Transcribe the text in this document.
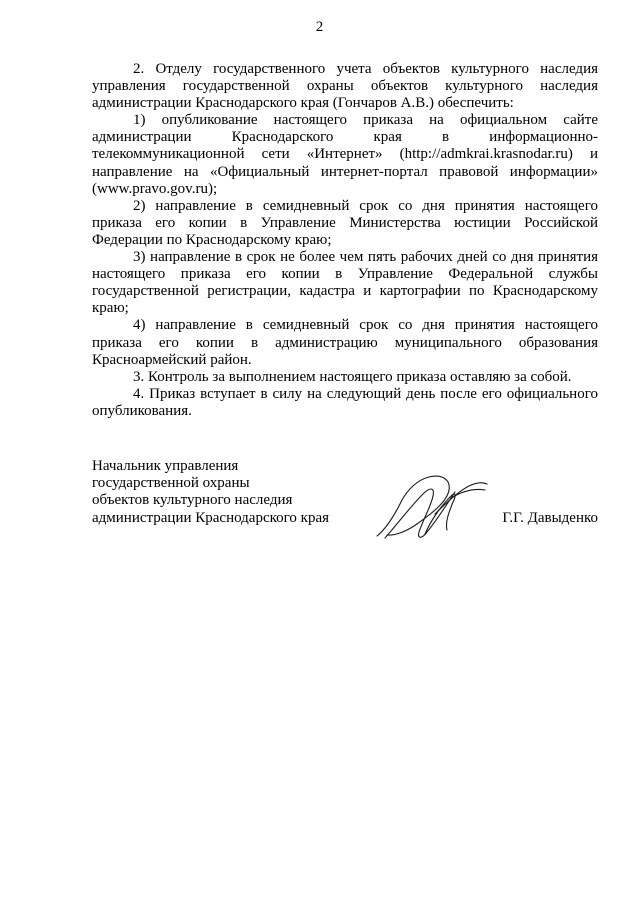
2

2. Отделу государственного учета объектов культурного наследия управления государственной охраны объектов культурного наследия администрации Краснодарского края (Гончаров А.В.) обеспечить:

1) опубликование настоящего приказа на официальном сайте администрации Краснодарского края в информационно-телекоммуникационной сети «Интернет» (http://admkrai.krasnodar.ru) и направление на «Официальный интернет-портал правовой информации» (www.pravo.gov.ru);

2) направление в семидневный срок со дня принятия настоящего приказа его копии в Управление Министерства юстиции Российской Федерации по Краснодарскому краю;

3) направление в срок не более чем пять рабочих дней со дня принятия настоящего приказа его копии в Управление Федеральной службы государственной регистрации, кадастра и картографии по Краснодарскому краю;

4) направление в семидневный срок со дня принятия настоящего приказа его копии в администрацию муниципального образования Красноармейский район.

3. Контроль за выполнением настоящего приказа оставляю за собой.

4. Приказ вступает в силу на следующий день после его официального опубликования.

Начальник управления
государственной охраны
объектов культурного наследия
администрации Краснодарского края	Г.Г. Давыденко
